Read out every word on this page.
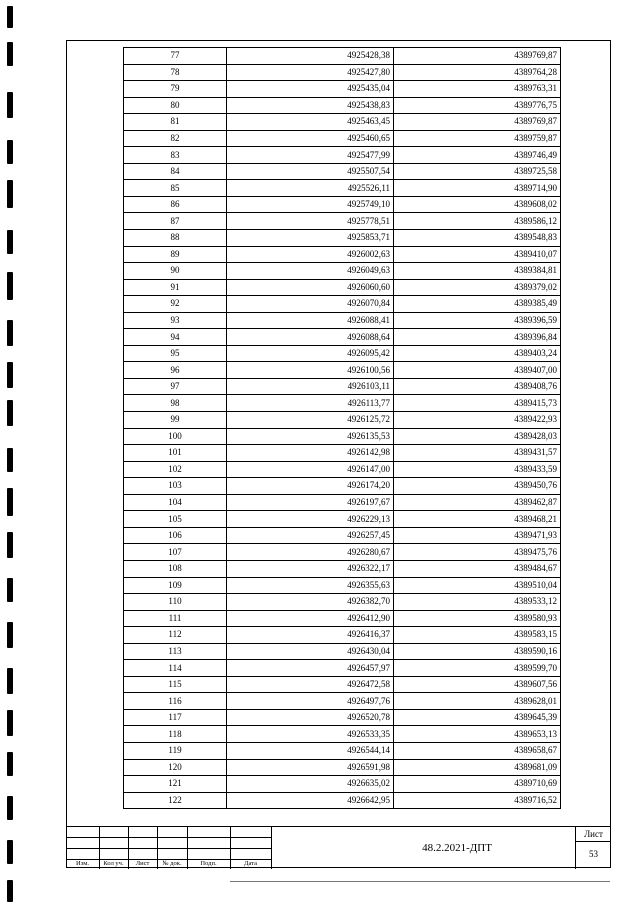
77	4925428,38	4389769,87
78	4925427,80	4389764,28
79	4925435,04	4389763,31
80	4925438,83	4389776,75
81	4925463,45	4389769,87
82	4925460,65	4389759,87
83	4925477,99	4389746,49
84	4925507,54	4389725,58
85	4925526,11	4389714,90
86	4925749,10	4389608,02
87	4925778,51	4389586,12
88	4925853,71	4389548,83
89	4926002,63	4389410,07
90	4926049,63	4389384,81
91	4926060,60	4389379,02
92	4926070,84	4389385,49
93	4926088,41	4389396,59
94	4926088,64	4389396,84
95	4926095,42	4389403,24
96	4926100,56	4389407,00
97	4926103,11	4389408,76
98	4926113,77	4389415,73
99	4926125,72	4389422,93
100	4926135,53	4389428,03
101	4926142,98	4389431,57
102	4926147,00	4389433,59
103	4926174,20	4389450,76
104	4926197,67	4389462,87
105	4926229,13	4389468,21
106	4926257,45	4389471,93
107	4926280,67	4389475,76
108	4926322,17	4389484,67
109	4926355,63	4389510,04
110	4926382,70	4389533,12
111	4926412,90	4389580,93
112	4926416,37	4389583,15
113	4926430,04	4389590,16
114	4926457,97	4389599,70
115	4926472,58	4389607,56
116	4926497,76	4389628,01
117	4926520,78	4389645,39
118	4926533,35	4389653,13
119	4926544,14	4389658,67
120	4926591,98	4389681,09
121	4926635,02	4389710,69
122	4926642,95	4389716,52
Изм.	Кол уч.	Лист	№ док.	Подп.	Дата
48.2.2021-ДПТ
Лист
53
